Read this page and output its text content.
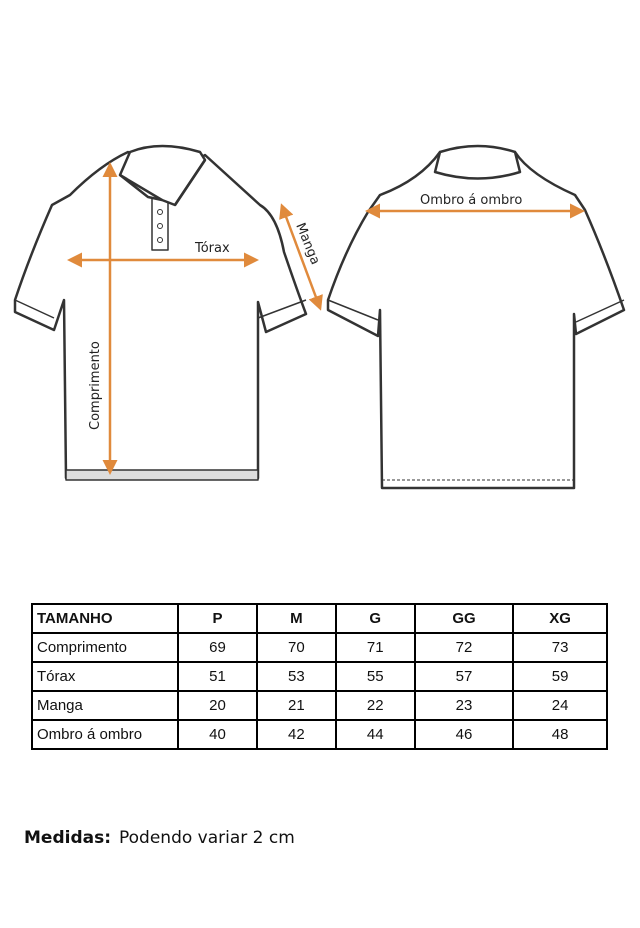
Tórax	Manga
Comprimento
Ombro á ombro
TAMANHO	P	M	G	GG	XG
Comprimento	69	70	71	72	73
Tórax	51	53	55	57	59
Manga	20	21	22	23	24
Ombro á ombro	40	42	44	46	48
Medidas: Podendo variar 2 cm
